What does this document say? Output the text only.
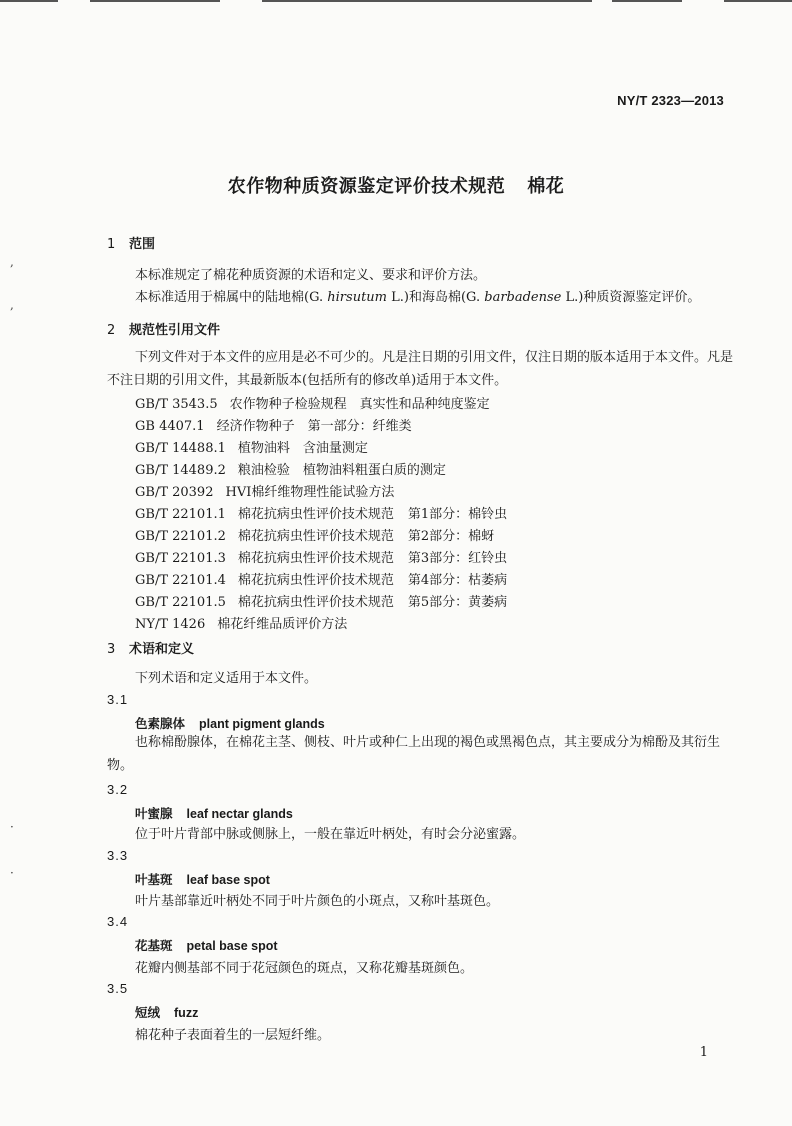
NY/T 2323—2013
农作物种质资源鉴定评价技术规范 棉花
1 范围
本标准规定了棉花种质资源的术语和定义、要求和评价方法。
本标准适用于棉属中的陆地棉(G. hirsutum L.)和海岛棉(G. barbadense L.)种质资源鉴定评价。
2 规范性引用文件
下列文件对于本文件的应用是必不可少的。凡是注日期的引用文件，仅注日期的版本适用于本文件。凡是不注日期的引用文件，其最新版本(包括所有的修改单)适用于本文件。
GB/T 3543.5 农作物种子检验规程　真实性和品种纯度鉴定
GB 4407.1 经济作物种子　第一部分：纤维类
GB/T 14488.1 植物油料　含油量测定
GB/T 14489.2 粮油检验　植物油料粗蛋白质的测定
GB/T 20392 HVI棉纤维物理性能试验方法
GB/T 22101.1 棉花抗病虫性评价技术规范 第1部分：棉铃虫
GB/T 22101.2 棉花抗病虫性评价技术规范 第2部分：棉蚜
GB/T 22101.3 棉花抗病虫性评价技术规范 第3部分：红铃虫
GB/T 22101.4 棉花抗病虫性评价技术规范 第4部分：枯萎病
GB/T 22101.5 棉花抗病虫性评价技术规范 第5部分：黄萎病
NY/T 1426 棉花纤维品质评价方法
3 术语和定义
下列术语和定义适用于本文件。
3.1
色素腺体 plant pigment glands
也称棉酚腺体，在棉花主茎、侧枝、叶片或种仁上出现的褐色或黑褐色点，其主要成分为棉酚及其衍生物。
3.2
叶蜜腺 leaf nectar glands
位于叶片背部中脉或侧脉上，一般在靠近叶柄处，有时会分泌蜜露。
3.3
叶基斑 leaf base spot
叶片基部靠近叶柄处不同于叶片颜色的小斑点，又称叶基斑色。
3.4
花基斑 petal base spot
花瓣内侧基部不同于花冠颜色的斑点，又称花瓣基斑颜色。
3.5
短绒 fuzz
棉花种子表面着生的一层短纤维。
1
,
,
·
·
